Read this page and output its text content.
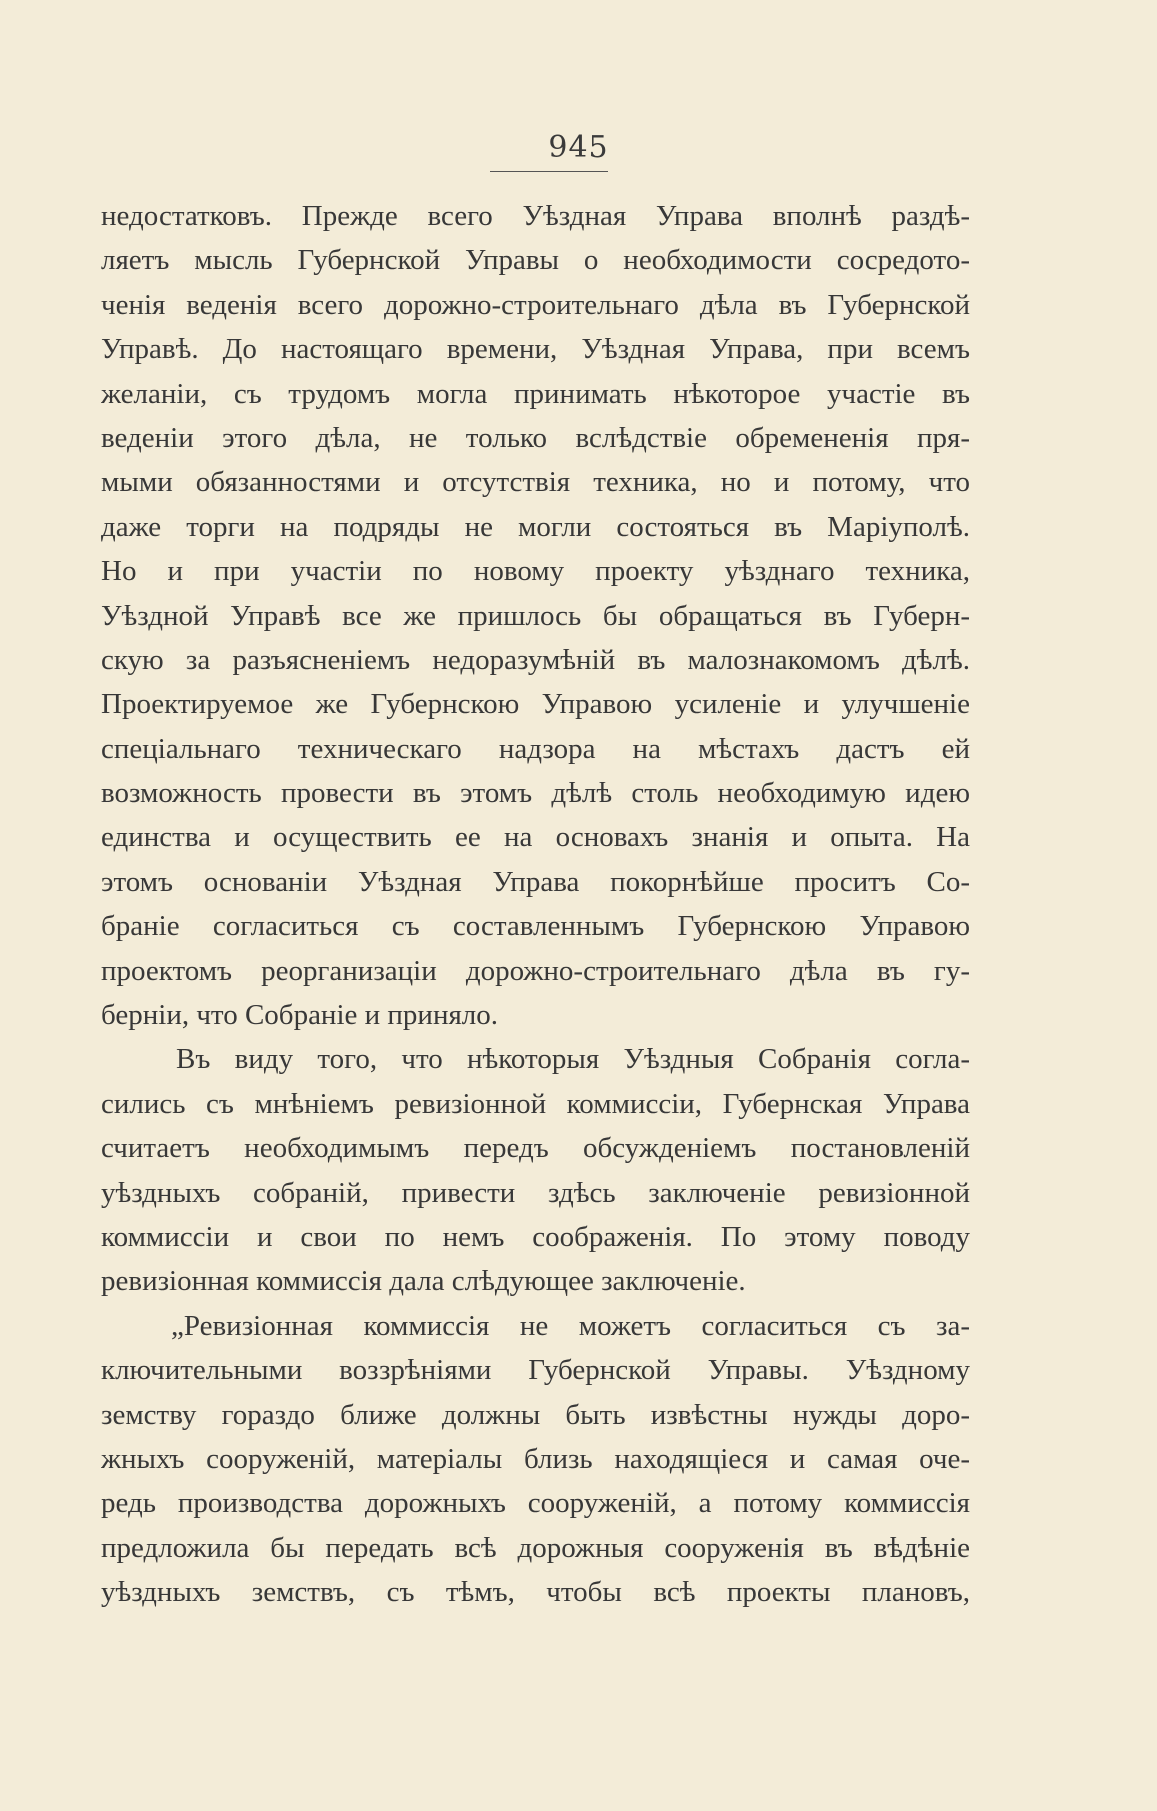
945
недостатковъ. Прежде всего Уѣздная Управа вполнѣ раздѣ-
ляетъ мысль Губернской Управы о необходимости сосредото-
ченія веденія всего дорожно-строительнаго дѣла въ Губернской
Управѣ. До настоящаго времени, Уѣздная Управа, при всемъ
желаніи, съ трудомъ могла принимать нѣкоторое участіе въ
веденіи этого дѣла, не только вслѣдствіе обремененія пря-
мыми обязанностями и отсутствія техника, но и потому, что
даже торги на подряды не могли состояться въ Маріуполѣ.
Но и при участіи по новому проекту уѣзднаго техника,
Уѣздной Управѣ все же пришлось бы обращаться въ Губерн-
скую за разъясненіемъ недоразумѣній въ малознакомомъ дѣлѣ.
Проектируемое же Губернскою Управою усиленіе и улучшеніе
спеціальнаго техническаго надзора на мѣстахъ дастъ ей
возможность провести въ этомъ дѣлѣ столь необходимую идею
единства и осуществить ее на основахъ знанія и опыта. На
этомъ основаніи Уѣздная Управа покорнѣйше проситъ Со-
браніе согласиться съ составленнымъ Губернскою Управою
проектомъ реорганизаціи дорожно-строительнаго дѣла въ гу-
берніи, что Собраніе и приняло.
Въ виду того, что нѣкоторыя Уѣздныя Собранія согла-
сились съ мнѣніемъ ревизіонной коммиссіи, Губернская Управа
считаетъ необходимымъ передъ обсужденіемъ постановленій
уѣздныхъ собраній, привести здѣсь заключеніе ревизіонной
коммиссіи и свои по немъ соображенія. По этому поводу
ревизіонная коммиссія дала слѣдующее заключеніе.
„Ревизіонная коммиссія не можетъ согласиться съ за-
ключительными воззрѣніями Губернской Управы. Уѣздному
земству гораздо ближе должны быть извѣстны нужды доро-
жныхъ сооруженій, матеріалы близь находящіеся и самая оче-
редь производства дорожныхъ сооруженій, а потому коммиссія
предложила бы передать всѣ дорожныя сооруженія въ вѣдѣніе
уѣздныхъ земствъ, съ тѣмъ, чтобы всѣ проекты плановъ,
